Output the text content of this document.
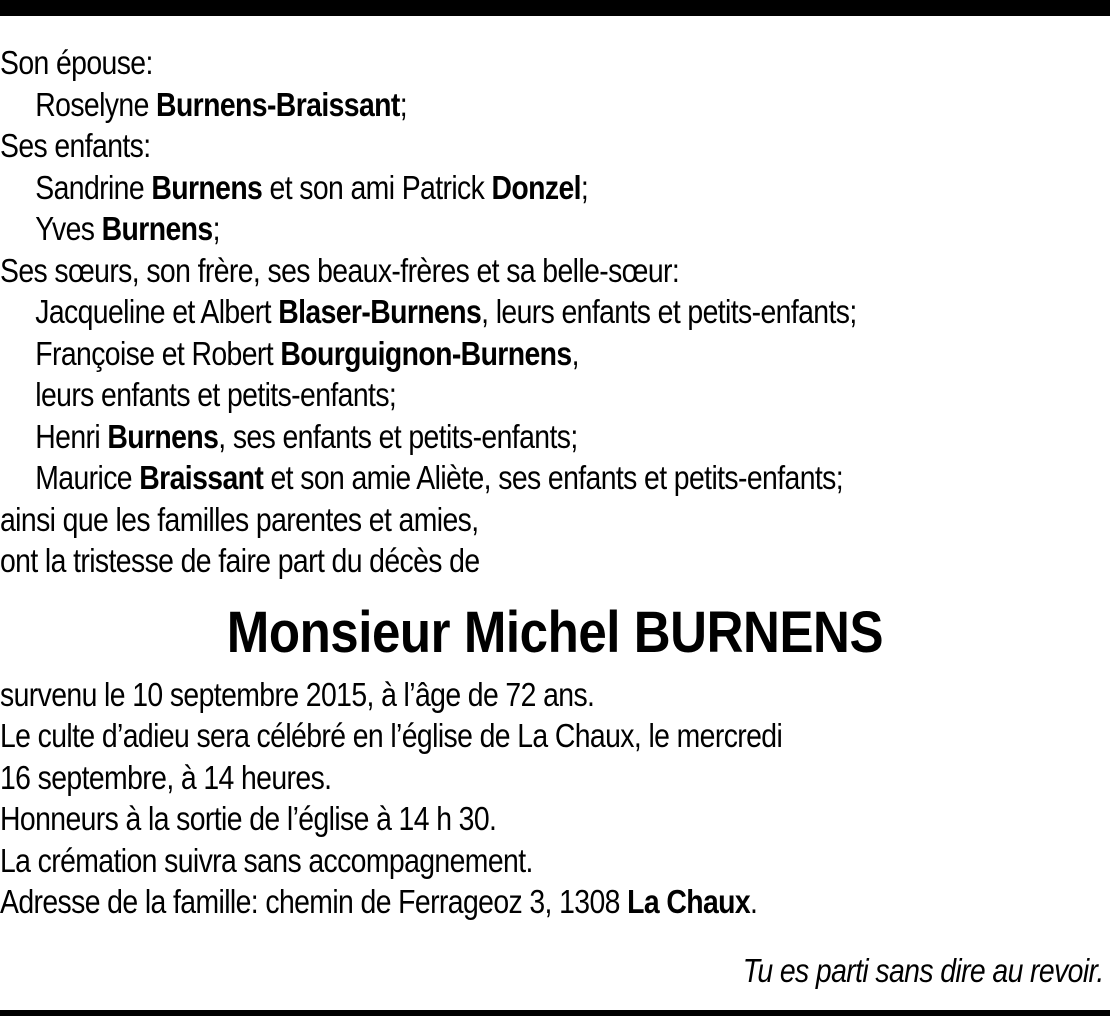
Son épouse:
Roselyne Burnens-Braissant;
Ses enfants:
Sandrine Burnens et son ami Patrick Donzel;
Yves Burnens;
Ses sœurs, son frère, ses beaux-frères et sa belle-sœur:
Jacqueline et Albert Blaser-Burnens, leurs enfants et petits-enfants;
Françoise et Robert Bourguignon-Burnens,
leurs enfants et petits-enfants;
Henri Burnens, ses enfants et petits-enfants;
Maurice Braissant et son amie Aliète, ses enfants et petits-enfants;
ainsi que les familles parentes et amies,
ont la tristesse de faire part du décès de
Monsieur Michel BURNENS
survenu le 10 septembre 2015, à l’âge de 72 ans.
Le culte d’adieu sera célébré en l’église de La Chaux, le mercredi
16 septembre, à 14 heures.
Honneurs à la sortie de l’église à 14 h 30.
La crémation suivra sans accompagnement.
Adresse de la famille: chemin de Ferrageoz 3, 1308 La Chaux.
Tu es parti sans dire au revoir.
